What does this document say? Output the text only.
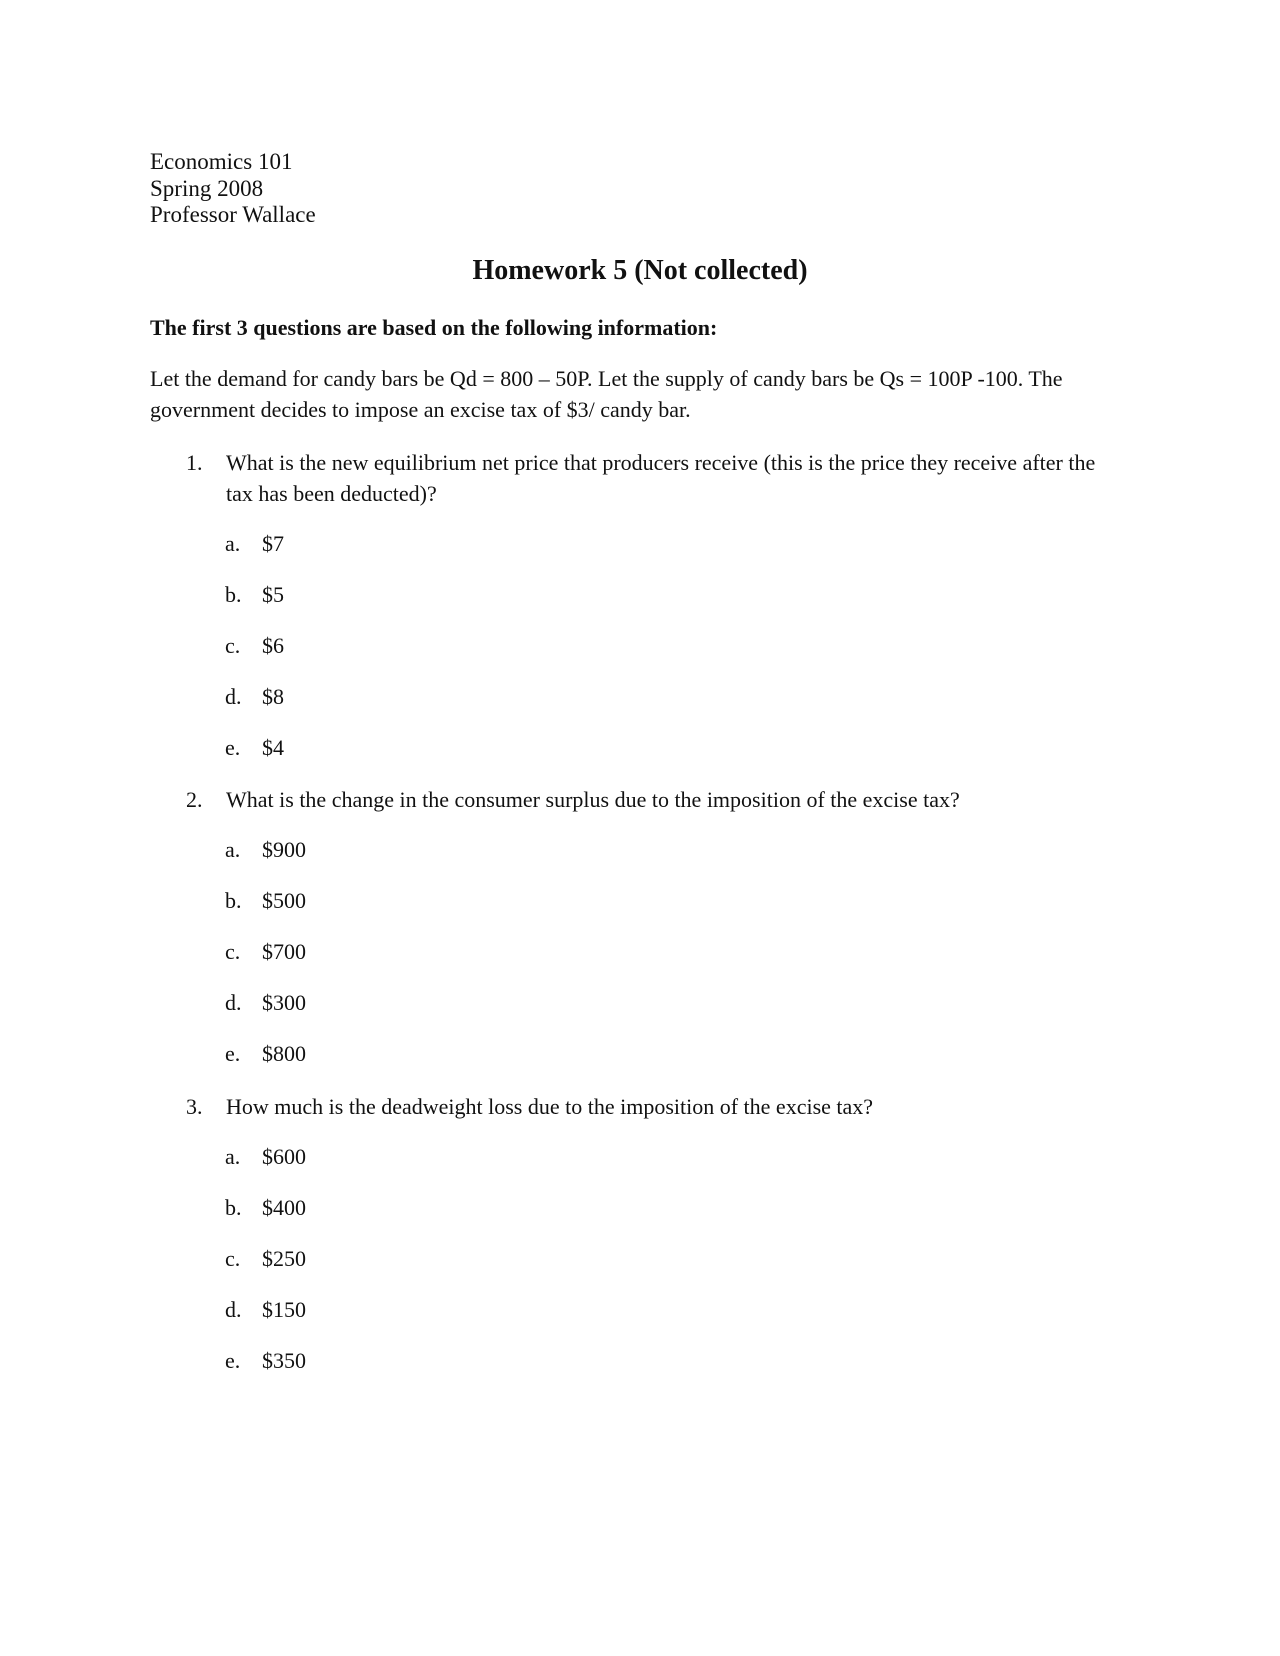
Economics 101
Spring 2008
Professor Wallace
Homework 5 (Not collected)
The first 3 questions are based on the following information:
Let the demand for candy bars be Qd = 800 – 50P. Let the supply of candy bars be Qs = 100P -100. The government decides to impose an excise tax of $3/ candy bar.
1. What is the new equilibrium net price that producers receive (this is the price they receive after the tax has been deducted)?
a. $7
b. $5
c. $6
d. $8
e. $4
2. What is the change in the consumer surplus due to the imposition of the excise tax?
a. $900
b. $500
c. $700
d. $300
e. $800
3. How much is the deadweight loss due to the imposition of the excise tax?
a. $600
b. $400
c. $250
d. $150
e. $350
